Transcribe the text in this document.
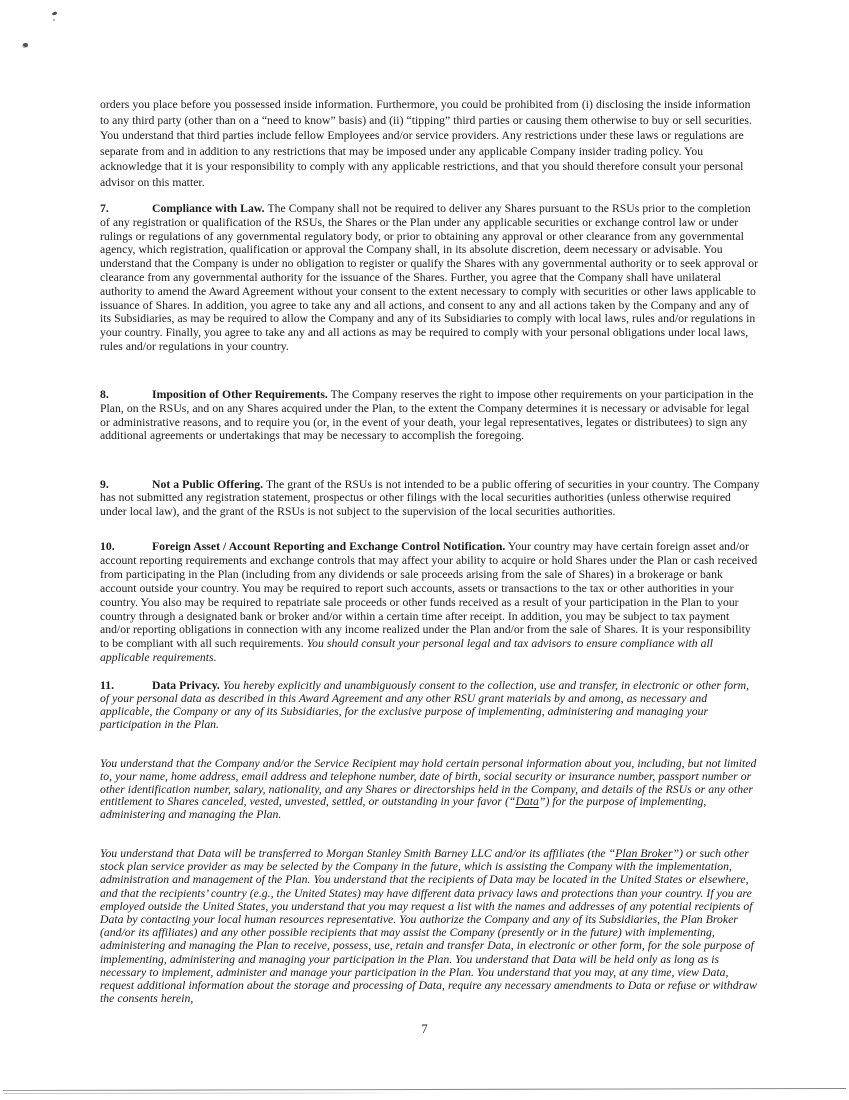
orders you place before you possessed inside information. Furthermore, you could be prohibited from (i) disclosing the inside information to any third party (other than on a “need to know” basis) and (ii) “tipping” third parties or causing them otherwise to buy or sell securities. You understand that third parties include fellow Employees and/or service providers. Any restrictions under these laws or regulations are separate from and in addition to any restrictions that may be imposed under any applicable Company insider trading policy. You acknowledge that it is your responsibility to comply with any applicable restrictions, and that you should therefore consult your personal advisor on this matter.

7.	Compliance with Law. The Company shall not be required to deliver any Shares pursuant to the RSUs prior to the completion of any registration or qualification of the RSUs, the Shares or the Plan under any applicable securities or exchange control law or under rulings or regulations of any governmental regulatory body, or prior to obtaining any approval or other clearance from any governmental agency, which registration, qualification or approval the Company shall, in its absolute discretion, deem necessary or advisable. You understand that the Company is under no obligation to register or qualify the Shares with any governmental authority or to seek approval or clearance from any governmental authority for the issuance of the Shares. Further, you agree that the Company shall have unilateral authority to amend the Award Agreement without your consent to the extent necessary to comply with securities or other laws applicable to issuance of Shares. In addition, you agree to take any and all actions, and consent to any and all actions taken by the Company and any of its Subsidiaries, as may be required to allow the Company and any of its Subsidiaries to comply with local laws, rules and/or regulations in your country. Finally, you agree to take any and all actions as may be required to comply with your personal obligations under local laws, rules and/or regulations in your country.

8.	Imposition of Other Requirements. The Company reserves the right to impose other requirements on your participation in the Plan, on the RSUs, and on any Shares acquired under the Plan, to the extent the Company determines it is necessary or advisable for legal or administrative reasons, and to require you (or, in the event of your death, your legal representatives, legates or distributees) to sign any additional agreements or undertakings that may be necessary to accomplish the foregoing.

9.	Not a Public Offering. The grant of the RSUs is not intended to be a public offering of securities in your country. The Company has not submitted any registration statement, prospectus or other filings with the local securities authorities (unless otherwise required under local law), and the grant of the RSUs is not subject to the supervision of the local securities authorities.

10.	Foreign Asset / Account Reporting and Exchange Control Notification. Your country may have certain foreign asset and/or account reporting requirements and exchange controls that may affect your ability to acquire or hold Shares under the Plan or cash received from participating in the Plan (including from any dividends or sale proceeds arising from the sale of Shares) in a brokerage or bank account outside your country. You may be required to report such accounts, assets or transactions to the tax or other authorities in your country. You also may be required to repatriate sale proceeds or other funds received as a result of your participation in the Plan to your country through a designated bank or broker and/or within a certain time after receipt. In addition, you may be subject to tax payment and/or reporting obligations in connection with any income realized under the Plan and/or from the sale of Shares. It is your responsibility to be compliant with all such requirements. You should consult your personal legal and tax advisors to ensure compliance with all applicable requirements.

11.	Data Privacy. You hereby explicitly and unambiguously consent to the collection, use and transfer, in electronic or other form, of your personal data as described in this Award Agreement and any other RSU grant materials by and among, as necessary and applicable, the Company or any of its Subsidiaries, for the exclusive purpose of implementing, administering and managing your participation in the Plan.

You understand that the Company and/or the Service Recipient may hold certain personal information about you, including, but not limited to, your name, home address, email address and telephone number, date of birth, social security or insurance number, passport number or other identification number, salary, nationality, and any Shares or directorships held in the Company, and details of the RSUs or any other entitlement to Shares canceled, vested, unvested, settled, or outstanding in your favor (“Data”) for the purpose of implementing, administering and managing the Plan.

You understand that Data will be transferred to Morgan Stanley Smith Barney LLC and/or its affiliates (the “Plan Broker”) or such other stock plan service provider as may be selected by the Company in the future, which is assisting the Company with the implementation, administration and management of the Plan. You understand that the recipients of Data may be located in the United States or elsewhere, and that the recipients’ country (e.g., the United States) may have different data privacy laws and protections than your country. If you are employed outside the United States, you understand that you may request a list with the names and addresses of any potential recipients of Data by contacting your local human resources representative. You authorize the Company and any of its Subsidiaries, the Plan Broker (and/or its affiliates) and any other possible recipients that may assist the Company (presently or in the future) with implementing, administering and managing the Plan to receive, possess, use, retain and transfer Data, in electronic or other form, for the sole purpose of implementing, administering and managing your participation in the Plan. You understand that Data will be held only as long as is necessary to implement, administer and manage your participation in the Plan. You understand that you may, at any time, view Data, request additional information about the storage and processing of Data, require any necessary amendments to Data or refuse or withdraw the consents herein,

7
